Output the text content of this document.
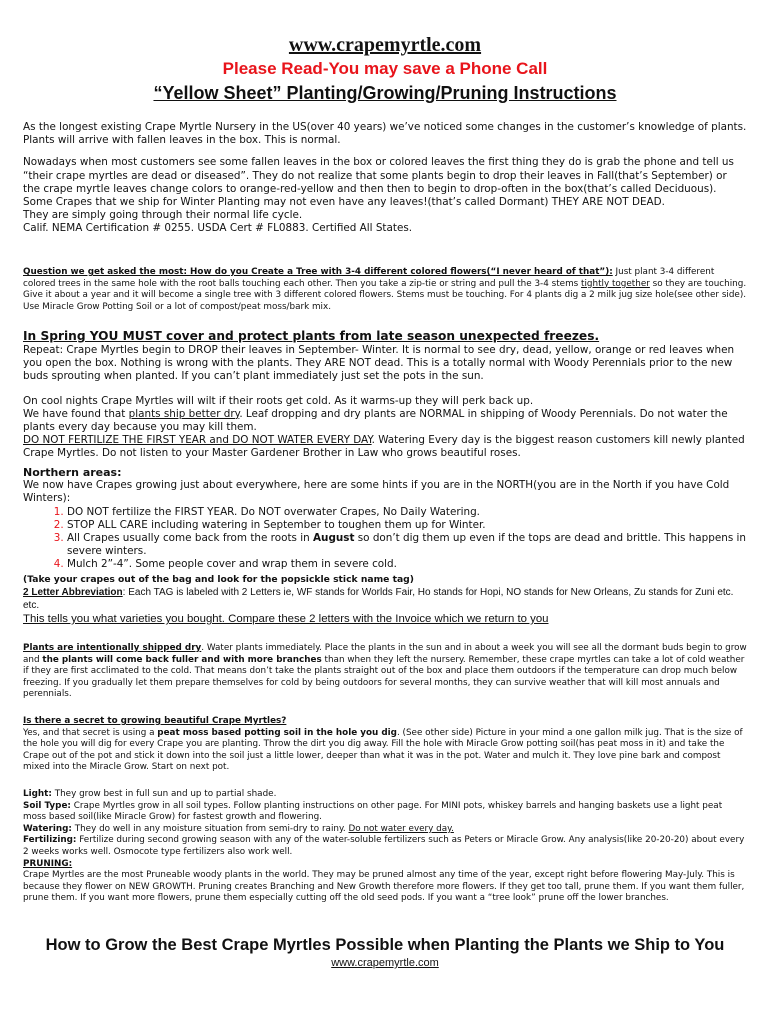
www.crapemyrtle.com
Please Read-You may save a Phone Call
“Yellow Sheet” Planting/Growing/Pruning Instructions

As the longest existing Crape Myrtle Nursery in the US(over 40 years) we’ve noticed some changes in the customer’s knowledge of plants. Plants will arrive with fallen leaves in the box. This is normal.

Nowadays when most customers see some fallen leaves in the box or colored leaves the first thing they do is grab the phone and tell us “their crape myrtles are dead or diseased”. They do not realize that some plants begin to drop their leaves in Fall(that’s September) or the crape myrtle leaves change colors to orange-red-yellow and then then to begin to drop-often in the box(that’s called Deciduous). Some Crapes that we ship for Winter Planting may not even have any leaves!(that’s called Dormant) THEY ARE NOT DEAD.

They are simply going through their normal life cycle.

Calif. NEMA Certification # 0255. USDA Cert # FL0883. Certified All States.

Question we get asked the most: How do you Create a Tree with 3-4 different colored flowers(“I never heard of that”): Just plant 3-4 different colored trees in the same hole with the root balls touching each other. Then you take a zip-tie or string and pull the 3-4 stems tightly together so they are touching. Give it about a year and it will become a single tree with 3 different colored flowers. Stems must be touching. For 4 plants dig a 2 milk jug size hole(see other side). Use Miracle Grow Potting Soil or a lot of compost/peat moss/bark mix.

In Spring YOU MUST cover and protect plants from late season unexpected freezes.

Repeat: Crape Myrtles begin to DROP their leaves in September- Winter. It is normal to see dry, dead, yellow, orange or red leaves when you open the box. Nothing is wrong with the plants. They ARE NOT dead. This is a totally normal with Woody Perennials prior to the new buds sprouting when planted. If you can’t plant immediately just set the pots in the sun.

On cool nights Crape Myrtles will wilt if their roots get cold. As it warms-up they will perk back up.

We have found that plants ship better dry. Leaf dropping and dry plants are NORMAL in shipping of Woody Perennials. Do not water the plants every day because you may kill them.

DO NOT FERTILIZE THE FIRST YEAR and DO NOT WATER EVERY DAY. Watering Every day is the biggest reason customers kill newly planted Crape Myrtles. Do not listen to your Master Gardener Brother in Law who grows beautiful roses.

Northern areas:

We now have Crapes growing just about everywhere, here are some hints if you are in the NORTH(you are in the North if you have Cold Winters):

1. DO NOT fertilize the FIRST YEAR. Do NOT overwater Crapes, No Daily Watering.
2. STOP ALL CARE including watering in September to toughen them up for Winter.
3. All Crapes usually come back from the roots in August so don’t dig them up even if the tops are dead and brittle. This happens in severe winters.
4. Mulch 2”-4”. Some people cover and wrap them in severe cold.

(Take your crapes out of the bag and look for the popsickle stick name tag)

2 Letter Abbreviation: Each TAG is labeled with 2 Letters ie, WF stands for Worlds Fair, Ho stands for Hopi, NO stands for New Orleans, Zu stands for Zuni etc. etc.

This tells you what varieties you bought. Compare these 2 letters with the Invoice which we return to you

Plants are intentionally shipped dry. Water plants immediately. Place the plants in the sun and in about a week you will see all the dormant buds begin to grow and the plants will come back fuller and with more branches than when they left the nursery. Remember, these crape myrtles can take a lot of cold weather if they are first acclimated to the cold. That means don’t take the plants straight out of the box and place them outdoors if the temperature can drop much below freezing. If you gradually let them prepare themselves for cold by being outdoors for several months, they can survive weather that will kill most annuals and perennials.

Is there a secret to growing beautiful Crape Myrtles?

Yes, and that secret is using a peat moss based potting soil in the hole you dig. (See other side) Picture in your mind a one gallon milk jug. That is the size of the hole you will dig for every Crape you are planting. Throw the dirt you dig away. Fill the hole with Miracle Grow potting soil(has peat moss in it) and take the Crape out of the pot and stick it down into the soil just a little lower, deeper than what it was in the pot. Water and mulch it. They love pine bark and compost mixed into the Miracle Grow. Start on next pot.

Light: They grow best in full sun and up to partial shade.

Soil Type: Crape Myrtles grow in all soil types. Follow planting instructions on other page. For MINI pots, whiskey barrels and hanging baskets use a light peat moss based soil(like Miracle Grow) for fastest growth and flowering.

Watering: They do well in any moisture situation from semi-dry to rainy. Do not water every day.

Fertilizing: Fertilize during second growing season with any of the water-soluble fertilizers such as Peters or Miracle Grow. Any analysis(like 20-20-20) about every 2 weeks works well. Osmocote type fertilizers also work well.

PRUNING:

Crape Myrtles are the most Pruneable woody plants in the world. They may be pruned almost any time of the year, except right before flowering May-July. This is because they flower on NEW GROWTH. Pruning creates Branching and New Growth therefore more flowers. If they get too tall, prune them. If you want them fuller, prune them. If you want more flowers, prune them especially cutting off the old seed pods. If you want a “tree look” prune off the lower branches.

How to Grow the Best Crape Myrtles Possible when Planting the Plants we Ship to You
www.crapemyrtle.com
